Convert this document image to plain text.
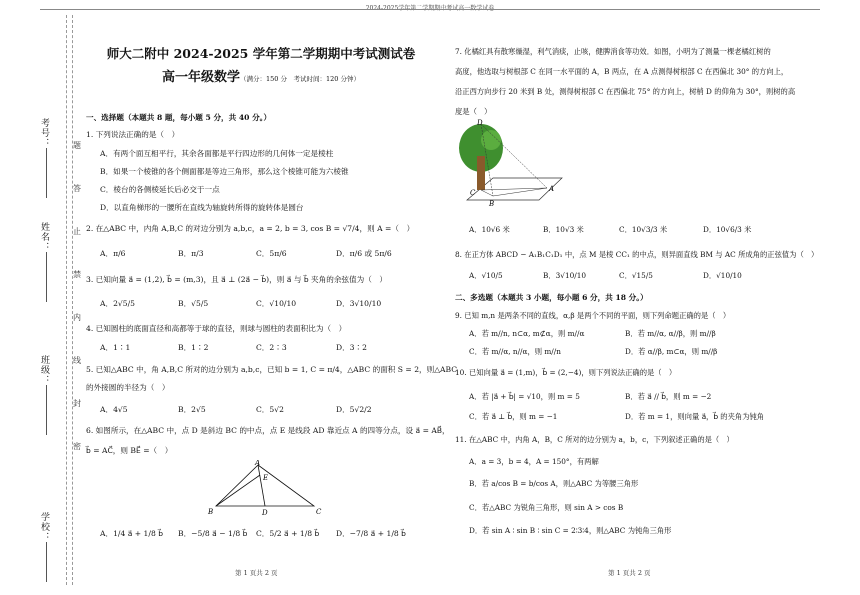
2024-2025学年第二学期期中考试高一数学试卷
考号：
姓名：
班级：
学校：
题
答
止
禁
内
线
封
密
师大二附中 2024-2025 学年第二学期期中考试测试卷
高一年级数学（满分：150 分　考试时间：120 分钟）
一、选择题（本题共 8 题，每小题 5 分，共 40 分。）
1. 下列说法正确的是（　）
A．有两个面互相平行，其余各面都是平行四边形的几何体一定是棱柱
B．如果一个棱锥的各个侧面都是等边三角形，那么这个棱锥可能为六棱锥
C．棱台的各侧棱延长后必交于一点
D．以直角梯形的一腰所在直线为轴旋转所得的旋转体是圆台
2. 在△ABC 中，内角 A,B,C 的对边分别为 a,b,c，a = 2, b = 3, cos B = √7/4，则 A =（　）
A．π/6	B．π/3	C．5π/6	D．π/6 或 5π/6
3. 已知向量 a⃗ = (1,2), b⃗ = (m,3)，且 a⃗ ⊥ (2a⃗ − b⃗)，则 a⃗ 与 b⃗ 夹角的余弦值为（　）
A．2√5/5	B．√5/5	C．√10/10	D．3√10/10
4. 已知圆柱的底面直径和高都等于球的直径，则球与圆柱的表面积比为（　）
A．1∶1	B．1∶2	C．2∶3	D．3∶2
5. 已知△ABC 中，角 A,B,C 所对的边分别为 a,b,c，已知 b = 1, C = π/4，△ABC 的面积 S = 2，则△ABC
的外接圆的半径为（　）
A．4√5	B．2√5	C．5√2	D．5√2/2
6. 如图所示，在△ABC 中，点 D 是斜边 BC 的中点，点 E 是线段 AD 靠近点 A 的四等分点，设 a⃗ = AB⃗，
b⃗ = AC⃗，则 BE⃗ =（　）
A
E
B	D	C
A．1/4 a⃗ + 1/8 b⃗ B．−5/8 a⃗ − 1/8 b⃗ C．5/2 a⃗ + 1/8 b⃗ D．−7/8 a⃗ + 1/8 b⃗
7. 化橘红具有散寒燥湿，利气消痰，止咳，健脾消食等功效．如图，小明为了测量一棵老橘红树的
高度，他选取与树根部 C 在同一水平面的 A，B 两点，在 A 点测得树根部 C 在西偏北 30° 的方向上，
沿正西方向步行 20 米到 B 处，测得树根部 C 在西偏北 75° 的方向上，树梢 D 的仰角为 30°，则树的高
度是（　）
D
C
B
A
A．10√6 米	B．10√3 米	C．10√3/3 米	D．10√6/3 米
8. 在正方体 ABCD − A₁B₁C₁D₁ 中，点 M 是棱 CC₁ 的中点，则异面直线 BM 与 AC 所成角的正弦值为（　）
A．√10/5	B．3√10/10	C．√15/5	D．√10/10
二、多选题（本题共 3 小题，每小题 6 分，共 18 分。）
9. 已知 m,n 是两条不同的直线，α,β 是两个不同的平面，则下列命题正确的是（　）
A．若 m//n, n⊂α, m⊄α，则 m//α	B．若 m//α, α//β，则 m//β
C．若 m//α, n//α，则 m//n	D．若 α//β, m⊂α，则 m//β
10. 已知向量 a⃗ = (1,m)，b⃗ = (2,−4)，则下列说法正确的是（　）
A．若 |a⃗ + b⃗| = √10，则 m = 5	B．若 a⃗ // b⃗，则 m = −2
C．若 a⃗ ⊥ b⃗，则 m = −1	D．若 m = 1，则向量 a⃗，b⃗ 的夹角为钝角
11. 在△ABC 中，内角 A，B，C 所对的边分别为 a，b，c，下列叙述正确的是（　）
A．a = 3，b = 4，A = 150°，有两解
B．若 a/cos B = b/cos A，则△ABC 为等腰三角形
C．若△ABC 为锐角三角形，则 sin A > cos B
D．若 sin A ∶ sin B ∶ sin C = 2∶3∶4，则△ABC 为钝角三角形
第 1 页共 2 页	第 1 页共 2 页
